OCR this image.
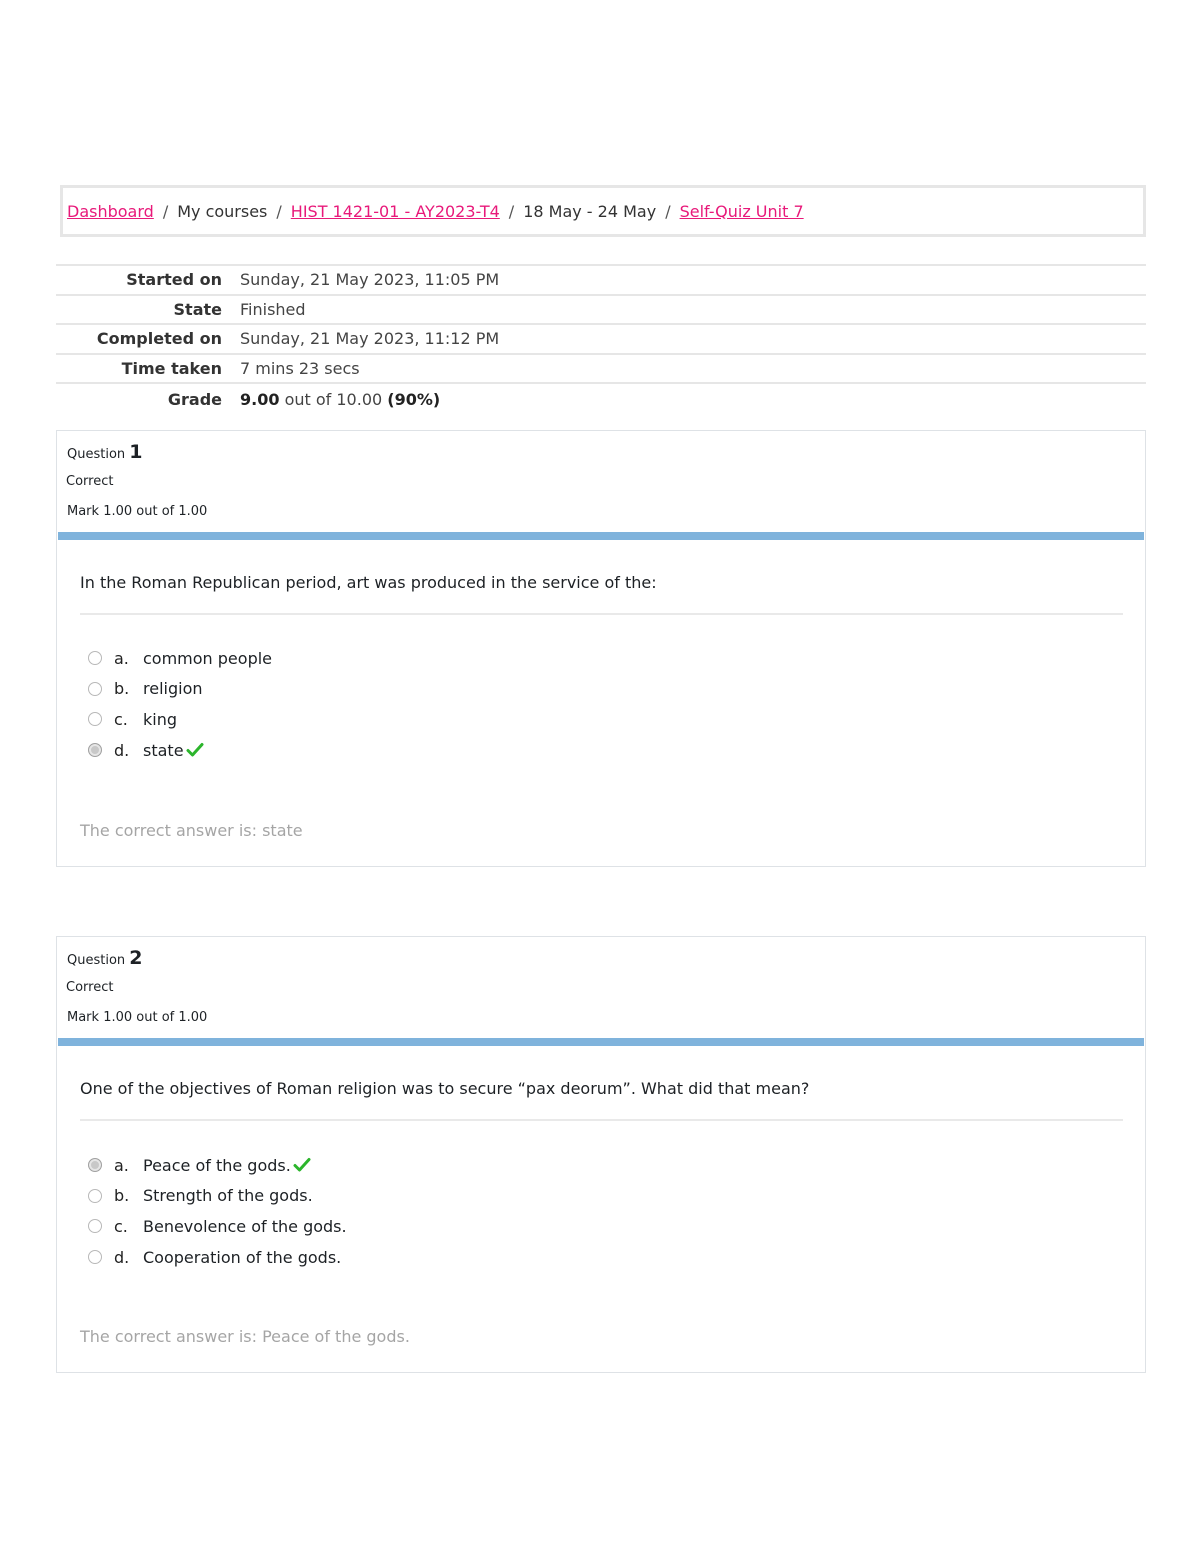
Dashboard / My courses / HIST 1421-01 - AY2023-T4 / 18 May - 24 May / Self-Quiz Unit 7
Started on	Sunday, 21 May 2023, 11:05 PM
State	Finished
Completed on	Sunday, 21 May 2023, 11:12 PM
Time taken	7 mins 23 secs
Grade	9.00 out of 10.00 (90%)
Question 1
Correct
Mark 1.00 out of 1.00
In the Roman Republican period, art was produced in the service of the:
a. common people
b. religion
c. king
d. state
The correct answer is: state
Question 2
Correct
Mark 1.00 out of 1.00
One of the objectives of Roman religion was to secure “pax deorum”. What did that mean?
a. Peace of the gods.
b. Strength of the gods.
c. Benevolence of the gods.
d. Cooperation of the gods.
The correct answer is: Peace of the gods.
